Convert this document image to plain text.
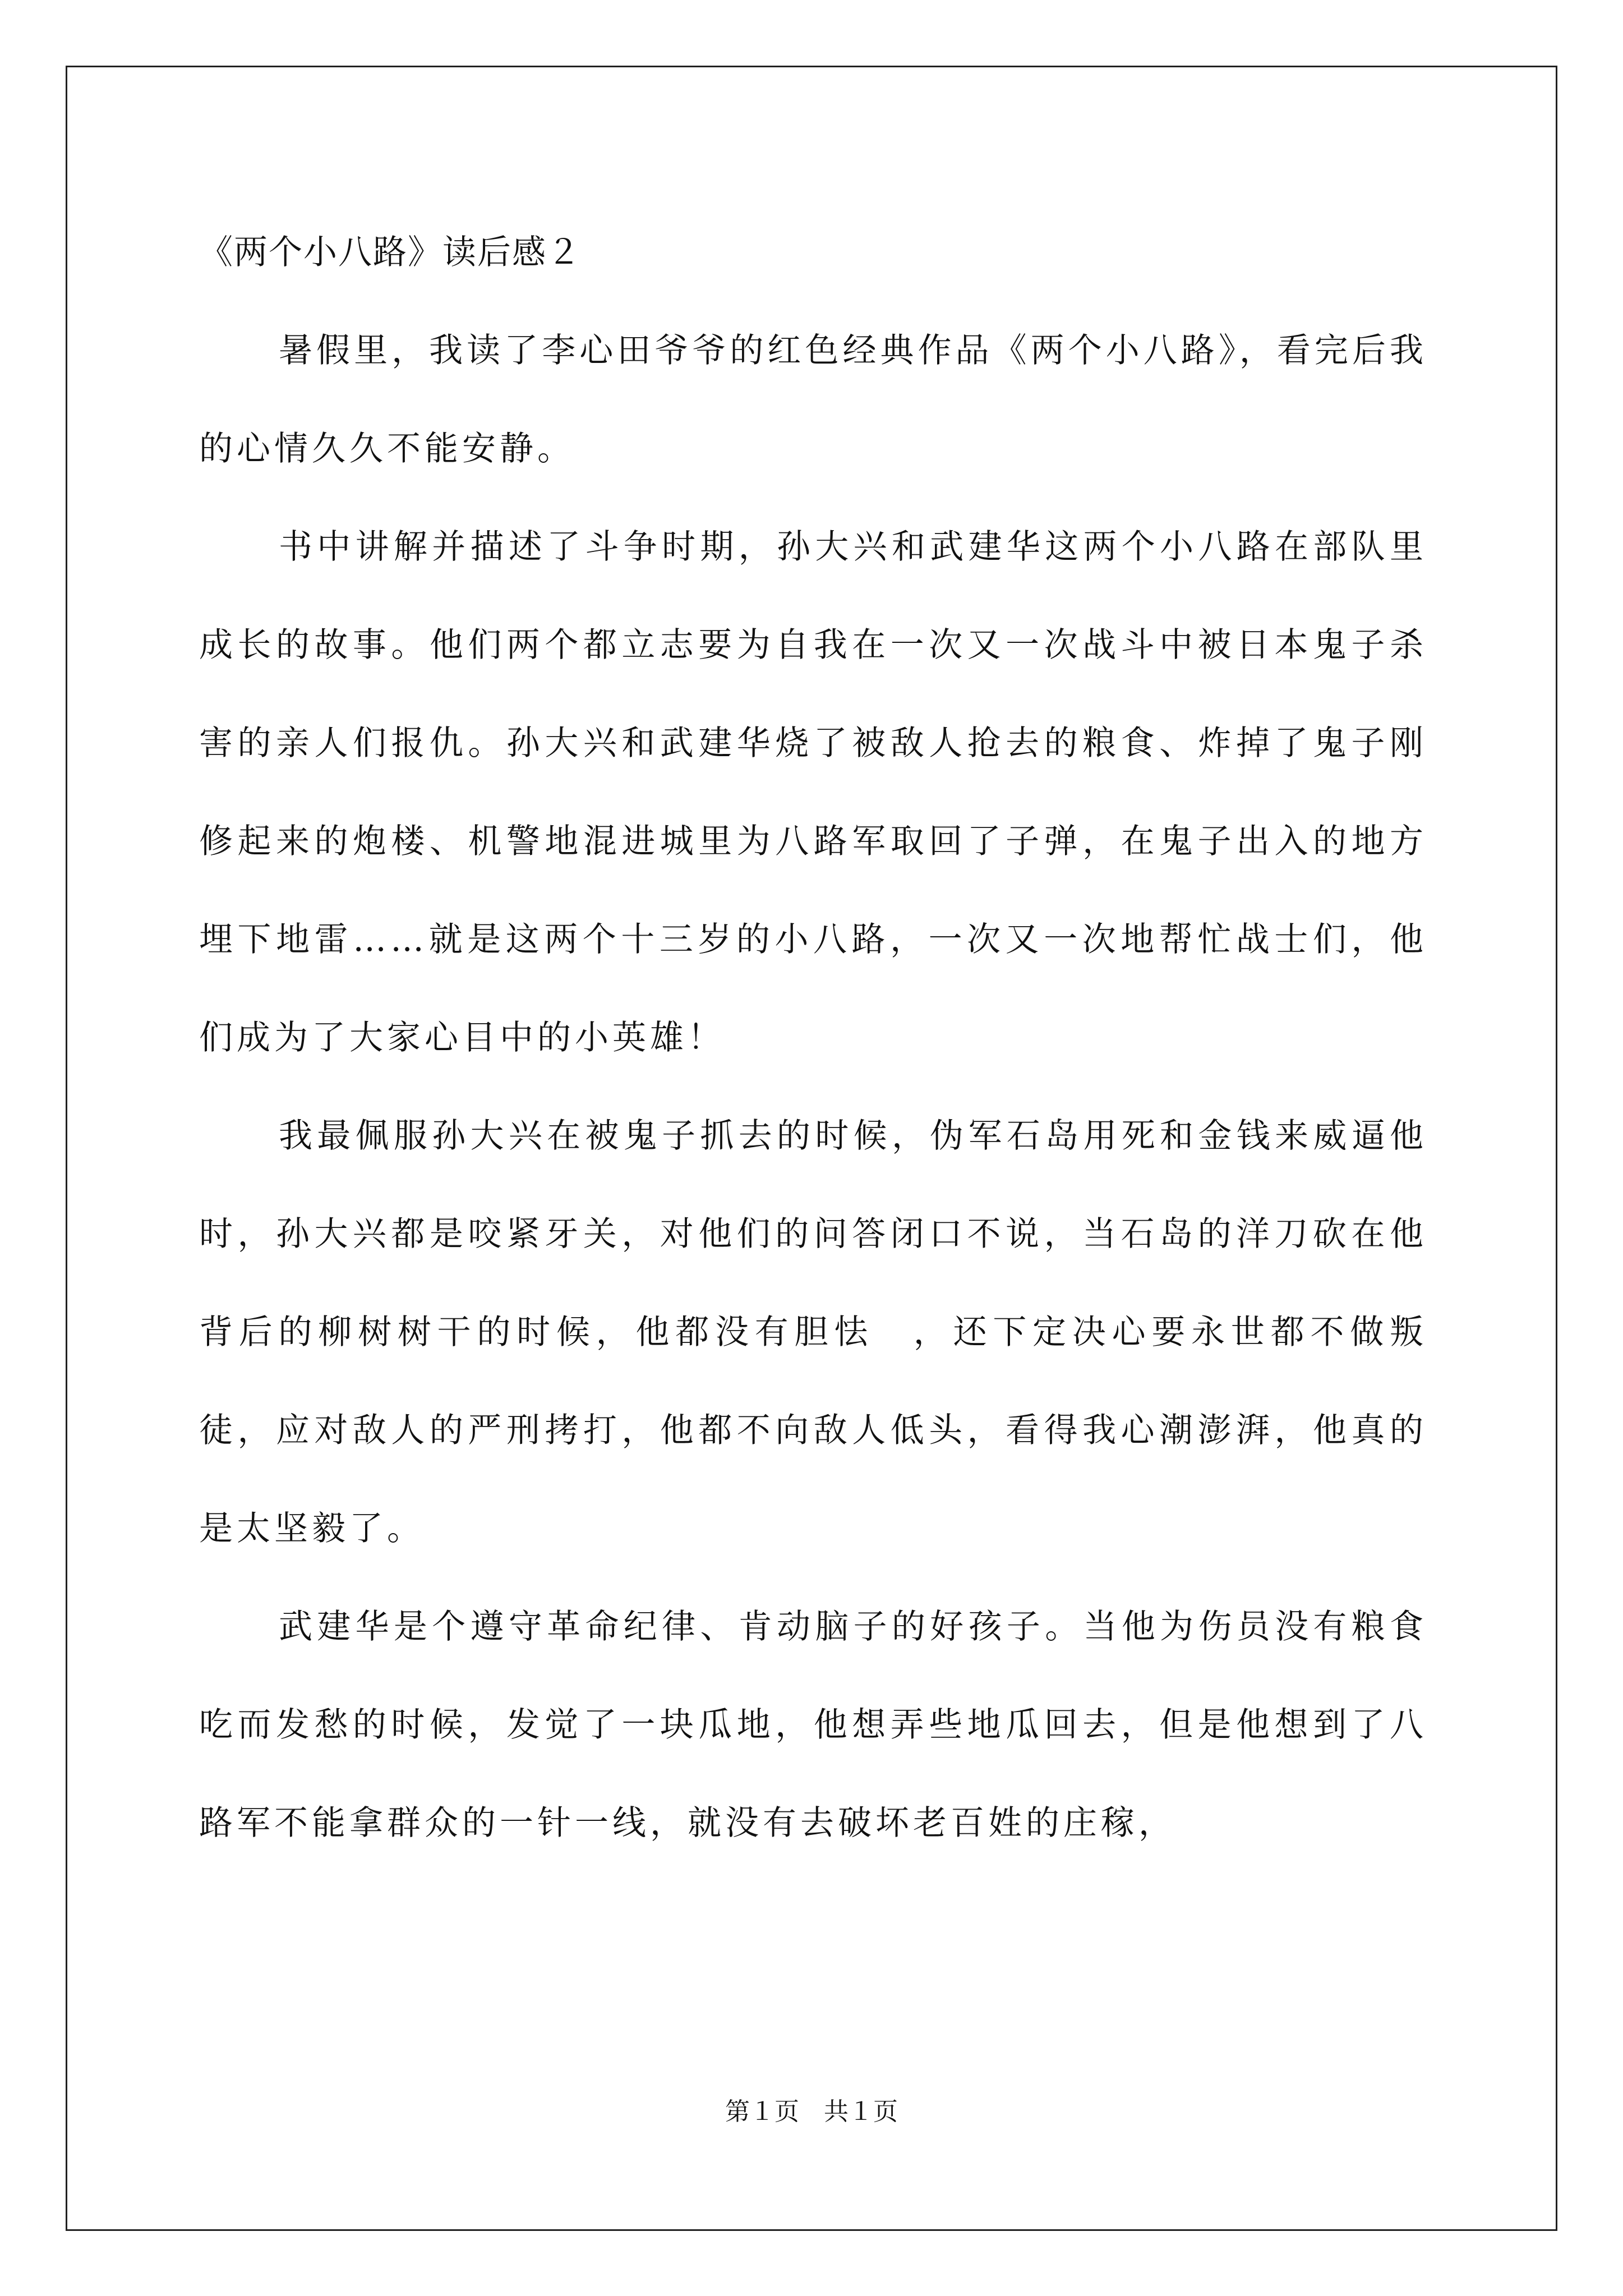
《两个小八路》读后感２

暑假里，我读了李心田爷爷的红色经典作品《两个小八路》，看完后我的心情久久不能安静。

书中讲解并描述了斗争时期，孙大兴和武建华这两个小八路在部队里成长的故事。他们两个都立志要为自我在一次又一次战斗中被日本鬼子杀害的亲人们报仇。孙大兴和武建华烧了被敌人抢去的粮食、炸掉了鬼子刚修起来的炮楼、机警地混进城里为八路军取回了子弹，在鬼子出入的地方埋下地雷……就是这两个十三岁的小八路，一次又一次地帮忙战士们，他们成为了大家心目中的小英雄！

我最佩服孙大兴在被鬼子抓去的时候，伪军石岛用死和金钱来威逼他时，孙大兴都是咬紧牙关，对他们的问答闭口不说，当石岛的洋刀砍在他背后的柳树树干的时候，他都没有胆怯　，还下定决心要永世都不做叛徒，应对敌人的严刑拷打，他都不向敌人低头，看得我心潮澎湃，他真的是太坚毅了。

武建华是个遵守革命纪律、肯动脑子的好孩子。当他为伤员没有粮食吃而发愁的时候，发觉了一块瓜地，他想弄些地瓜回去，但是他想到了八路军不能拿群众的一针一线，就没有去破坏老百姓的庄稼，

第１页　共１页
